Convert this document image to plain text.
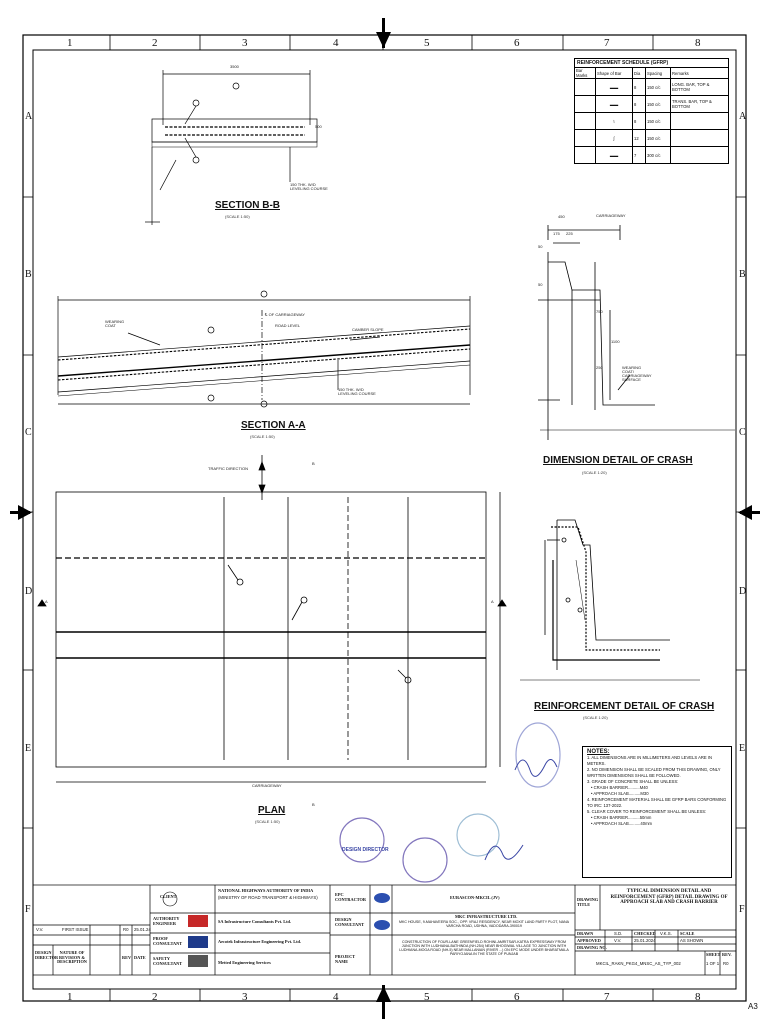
1	2	3	4	5	6	7	8
1	2	3	4	5	6	7	8
A
B
C
D
E
F
A
B
C
D
E
F
A3
3500
500
150 THK. W/D LEVELING COURSE
SECTION B-B
(SCALE 1:50)
WEARING COAT
℄ OF CARRIAGEWAY
ROAD LEVEL
CAMBER SLOPE
150 THK. W/D LEVELING COURSE
SECTION A-A
(SCALE 1:50)
CARRIAGEWAY
450
175 225
50
50
750
1100
250	WEARING COAT/ CARRIAGEWAY SURFACE
DIMENSION DETAIL OF CRASH
(SCALE 1:20)
REINFORCEMENT DETAIL OF CRASH
(SCALE 1:20)
TRAFFIC DIRECTION
B
A	A
CARRIAGEWAY
B
PLAN
(SCALE 1:50)
REINFORCEMENT SCHEDULE (GFRP)
Bar Marks	Shape of Bar	Dia	Spacing	Remarks
	▬▬	8	150 c/c	LONG. BAR, TOP & BOTTOM
	▬▬	8	150 c/c	TRANS. BAR, TOP & BOTTOM
	⌇	8	150 c/c	
	ʃ	12	150 c/c	
	▬▬	7	300 c/c	
NOTES:
1. ALL DIMENSIONS ARE IN MILLIMETERS AND LEVELS ARE IN METERS.
2. NO DIMENSION SHALL BE SCALED FROM THIS DRAWING, ONLY WRITTEN DIMENSIONS SHALL BE FOLLOWED.
3. GRADE OF CONCRETE SHALL BE UNLESS:
• CRASH BARRIER..........M40
• APPROACH SLAB..........M30
4. REINFORCEMENT MATERIAL SHALL BE GFRP BARS CONFORMING TO IRC: 137-2022.
5. CLEAR COVER TO REINFORCEMENT SHALL BE UNLESS:
• CRASH BARRIER..........50mm
• APPROACH SLAB..........40mm
DESIGN DIRECTOR
CLIENT
NATIONAL HIGHWAYS AUTHORITY OF INDIA
(MINISTRY OF ROAD TRANSPORT & HIGHWAYS)
AUTHORITY ENGINEER	SA Infrastructure Consultants Pvt. Ltd.
PROOF CONSULTANT	Aecotek Infrastructure Engineering Pvt. Ltd.
SAFETY CONSULTANT	Metted Engineering Services
EPC CONTRACTOR	EURASCON-MKCIL (JV)
DESIGN CONSULTANT
MKC INFRASTRUCTURE LTD.
MKC HOUSE, 9-MAHAVEERA SOC., OPP. VRAJ RESIDENCY, NEAR MOXIT LAND PARTY PLOT, NANA VARCHA ROAD, UDHNA, VADODARA-390019
PROJECT NAME
CONSTRUCTION OF FOUR-LANE GREENFIELD ROHINI-AMRITSAR-KATRA EXPRESSWAY FROM JUNCTION WITH LUDHIANA-BATHINDA (NH-254) NEAR BHOGIWAL VILLAGE TO JUNCTION WITH LUDHIANA-MOGA ROAD (NH-5) NEAR MALLANIAN (RIVER ...) ON EPC MODE UNDER BHARATMALA PARIYOJANA IN THE STATE OF PUNJAB
DRAWING TITLE
TYPICAL DIMENSION DETAIL AND REINFORCEMENT (GFRP) DETAIL DRAWING OF APPROACH SLAB AND CRASH BARRIER
DRAWN	S.D.	CHECKED V.K.S.
APPROVED	V.V.	25.01.2024
SCALE
AS SHOWN
DRAWING NO.
MKCIL_RAKN_PKG4_MNSC_AS_TYP_002
SHEET
1 OF 1
REV.
R0
V.V.	FIRST ISSUE	R0 25.01.24
DESIGN DIRECTOR
NATURE OF REVISION & DESCRIPTION
REV DATE
